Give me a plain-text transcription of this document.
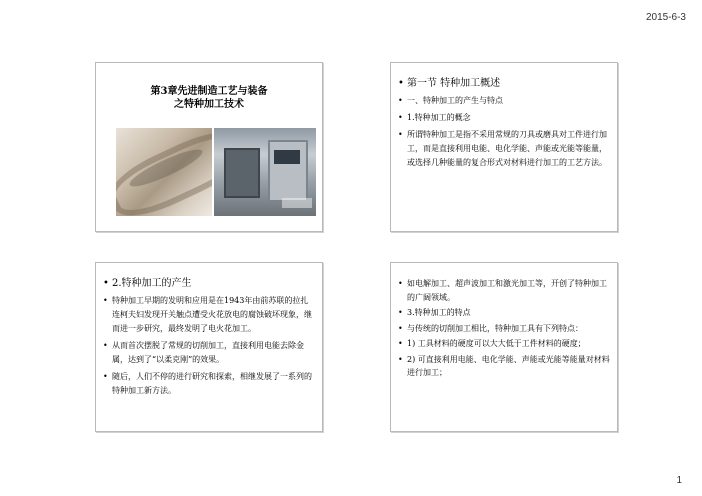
2015-6-3
第3章先进制造工艺与装备
之特种加工技术
• 第一节 特种加工概述
• 一、特种加工的产生与特点
• 1.特种加工的概念
• 所谓特种加工是指不采用常规的刀具或磨具对工件进行加工，而是直接利用电能、电化学能、声能或光能等能量，或选择几种能量的复合形式对材料进行加工的工艺方法。
• 2.特种加工的产生
• 特种加工早期的发明和应用是在1943年由前苏联的拉扎连柯夫妇发现开关触点遭受火花放电的腐蚀破坏现象，继而进一步研究，最终发明了电火花加工。
• 从而首次摆脱了常规的切削加工，直接利用电能去除金属，达到了“以柔克刚”的效果。
• 随后，人们不停的进行研究和探索，相继发展了一系列的特种加工新方法。
• 如电解加工、超声波加工和激光加工等，开创了特种加工的广阔领域。
• 3.特种加工的特点
• 与传统的切削加工相比，特种加工具有下列特点：
• 1) 工具材料的硬度可以大大低于工件材料的硬度；
• 2) 可直接利用电能、电化学能、声能或光能等能量对材料进行加工；
1
